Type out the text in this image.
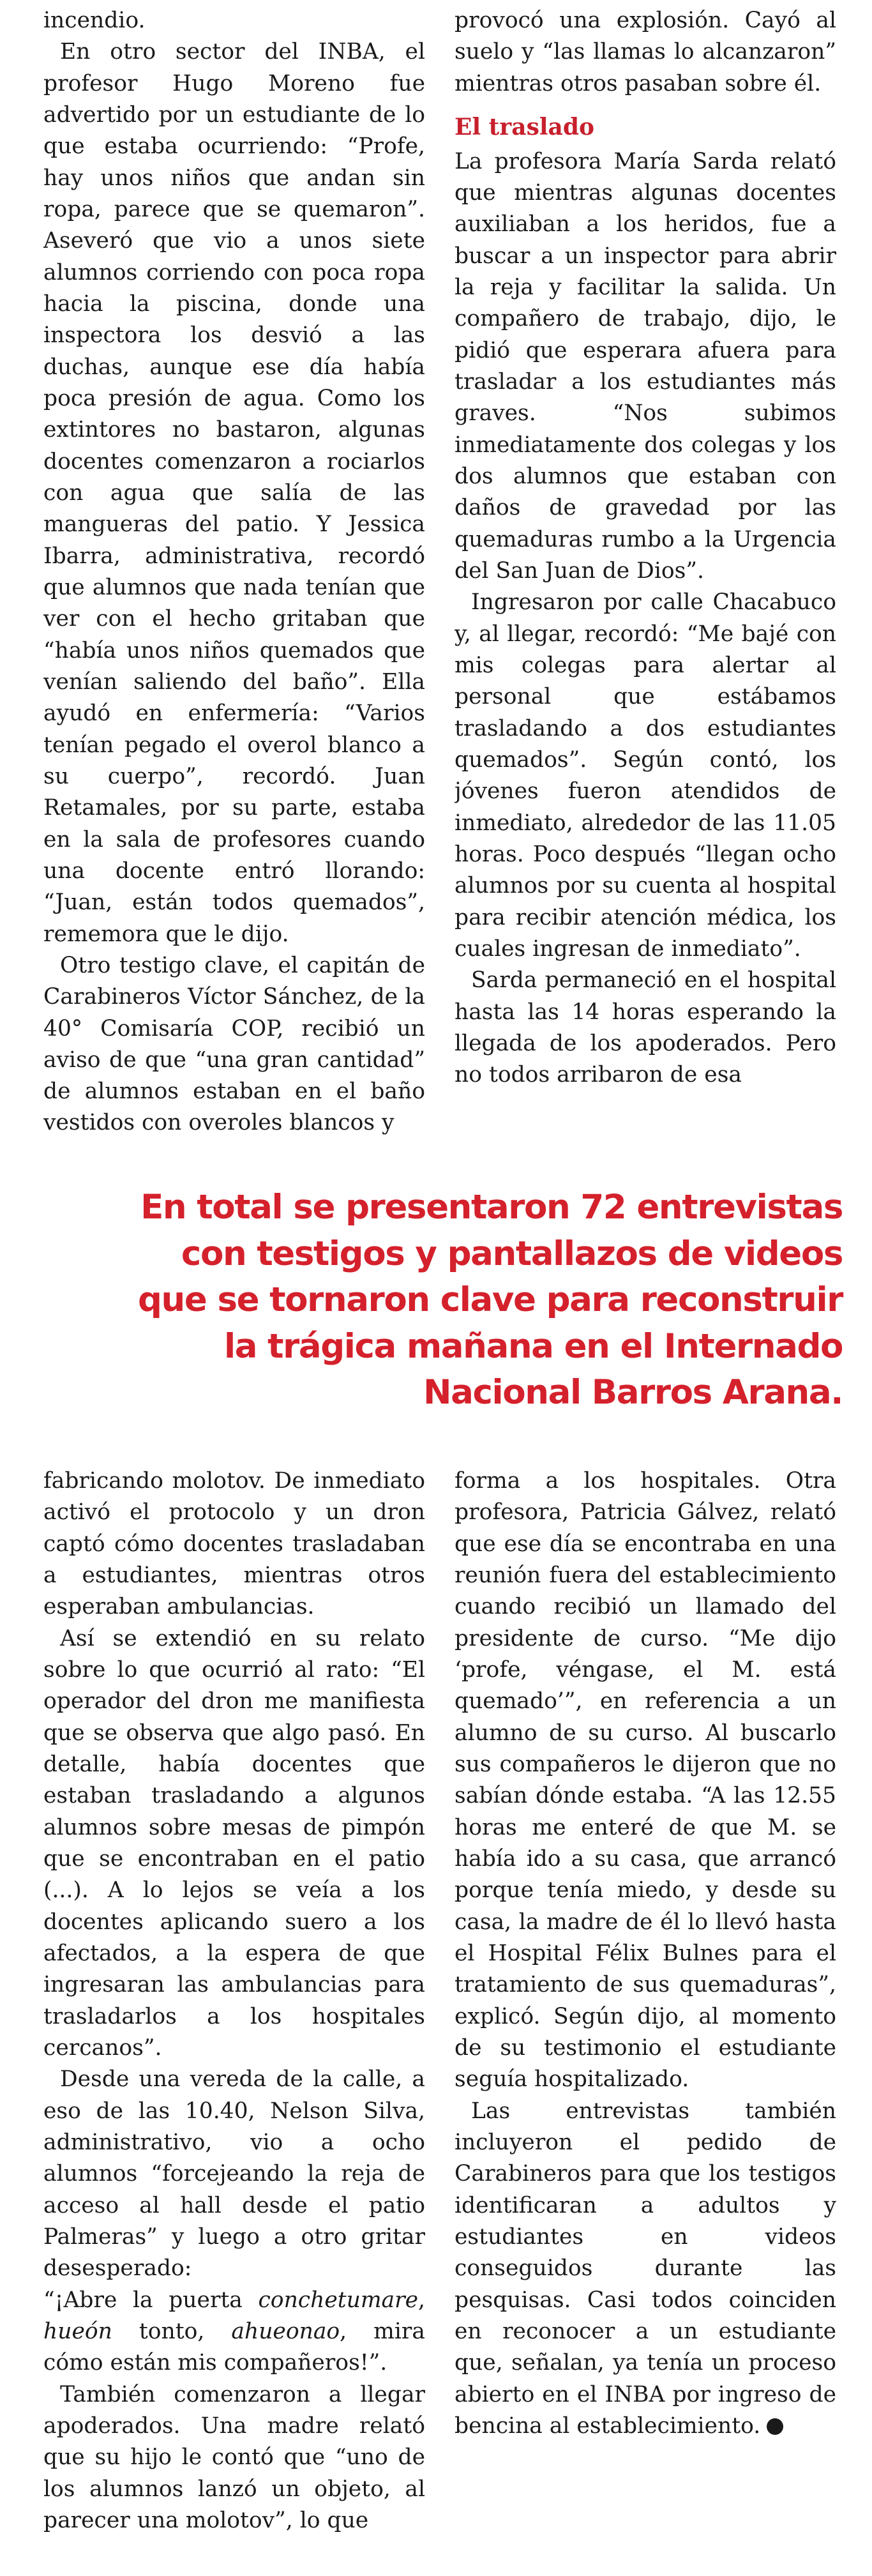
incendio.

En otro sector del INBA, el profesor Hugo Moreno fue advertido por un estudiante de lo que estaba ocurriendo: “Profe, hay unos niños que andan sin ropa, parece que se quemaron”. Aseveró que vio a unos siete alumnos corriendo con poca ropa hacia la piscina, donde una inspectora los desvió a las duchas, aunque ese día había poca presión de agua. Como los extintores no bastaron, algunas docentes comenzaron a rociarlos con agua que salía de las mangueras del patio. Y Jessica Ibarra, administrativa, recordó que alumnos que nada tenían que ver con el hecho gritaban que “había unos niños quemados que venían saliendo del baño”. Ella ayudó en enfermería: “Varios tenían pegado el overol blanco a su cuerpo”, recordó. Juan Retamales, por su parte, estaba en la sala de profesores cuando una docente entró llorando: “Juan, están todos quemados”, rememora que le dijo.

Otro testigo clave, el capitán de Carabineros Víctor Sánchez, de la 40° Comisaría COP, recibió un aviso de que “una gran cantidad” de alumnos estaban en el baño vestidos con overoles blancos y

provocó una explosión. Cayó al suelo y “las llamas lo alcanzaron” mientras otros pasaban sobre él.

El traslado

La profesora María Sarda relató que mientras algunas docentes auxiliaban a los heridos, fue a buscar a un inspector para abrir la reja y facilitar la salida. Un compañero de trabajo, dijo, le pidió que esperara afuera para trasladar a los estudiantes más graves. “Nos subimos inmediatamente dos colegas y los dos alumnos que estaban con daños de gravedad por las quemaduras rumbo a la Urgencia del San Juan de Dios”.

Ingresaron por calle Chacabuco y, al llegar, recordó: “Me bajé con mis colegas para alertar al personal que estábamos trasladando a dos estudiantes quemados”. Según contó, los jóvenes fueron atendidos de inmediato, alrededor de las 11.05 horas. Poco después “llegan ocho alumnos por su cuenta al hospital para recibir atención médica, los cuales ingresan de inmediato”.

Sarda permaneció en el hospital hasta las 14 horas esperando la llegada de los apoderados. Pero no todos arribaron de esa

En total se presentaron 72 entrevistas con testigos y pantallazos de videos que se tornaron clave para reconstruir la trágica mañana en el Internado Nacional Barros Arana.

fabricando molotov. De inmediato activó el protocolo y un dron captó cómo docentes trasladaban a estudiantes, mientras otros esperaban ambulancias.

Así se extendió en su relato sobre lo que ocurrió al rato: “El operador del dron me manifiesta que se observa que algo pasó. En detalle, había docentes que estaban trasladando a algunos alumnos sobre mesas de pimpón que se encontraban en el patio (...). A lo lejos se veía a los docentes aplicando suero a los afectados, a la espera de que ingresaran las ambulancias para trasladarlos a los hospitales cercanos”.

Desde una vereda de la calle, a eso de las 10.40, Nelson Silva, administrativo, vio a ocho alumnos “forcejeando la reja de acceso al hall desde el patio Palmeras” y luego a otro gritar desesperado:

“¡Abre la puerta conchetumare, hueón tonto, ahueonao, mira cómo están mis compañeros!”.

También comenzaron a llegar apoderados. Una madre relató que su hijo le contó que “uno de los alumnos lanzó un objeto, al parecer una molotov”, lo que

forma a los hospitales. Otra profesora, Patricia Gálvez, relató que ese día se encontraba en una reunión fuera del establecimiento cuando recibió un llamado del presidente de curso. “Me dijo ‘profe, véngase, el M. está quemado’”, en referencia a un alumno de su curso. Al buscarlo sus compañeros le dijeron que no sabían dónde estaba. “A las 12.55 horas me enteré de que M. se había ido a su casa, que arrancó porque tenía miedo, y desde su casa, la madre de él lo llevó hasta el Hospital Félix Bulnes para el tratamiento de sus quemaduras”, explicó. Según dijo, al momento de su testimonio el estudiante seguía hospitalizado.

Las entrevistas también incluyeron el pedido de Carabineros para que los testigos identificaran a adultos y estudiantes en videos conseguidos durante las pesquisas. Casi todos coinciden en reconocer a un estudiante que, señalan, ya tenía un proceso abierto en el INBA por ingreso de bencina al establecimiento.
